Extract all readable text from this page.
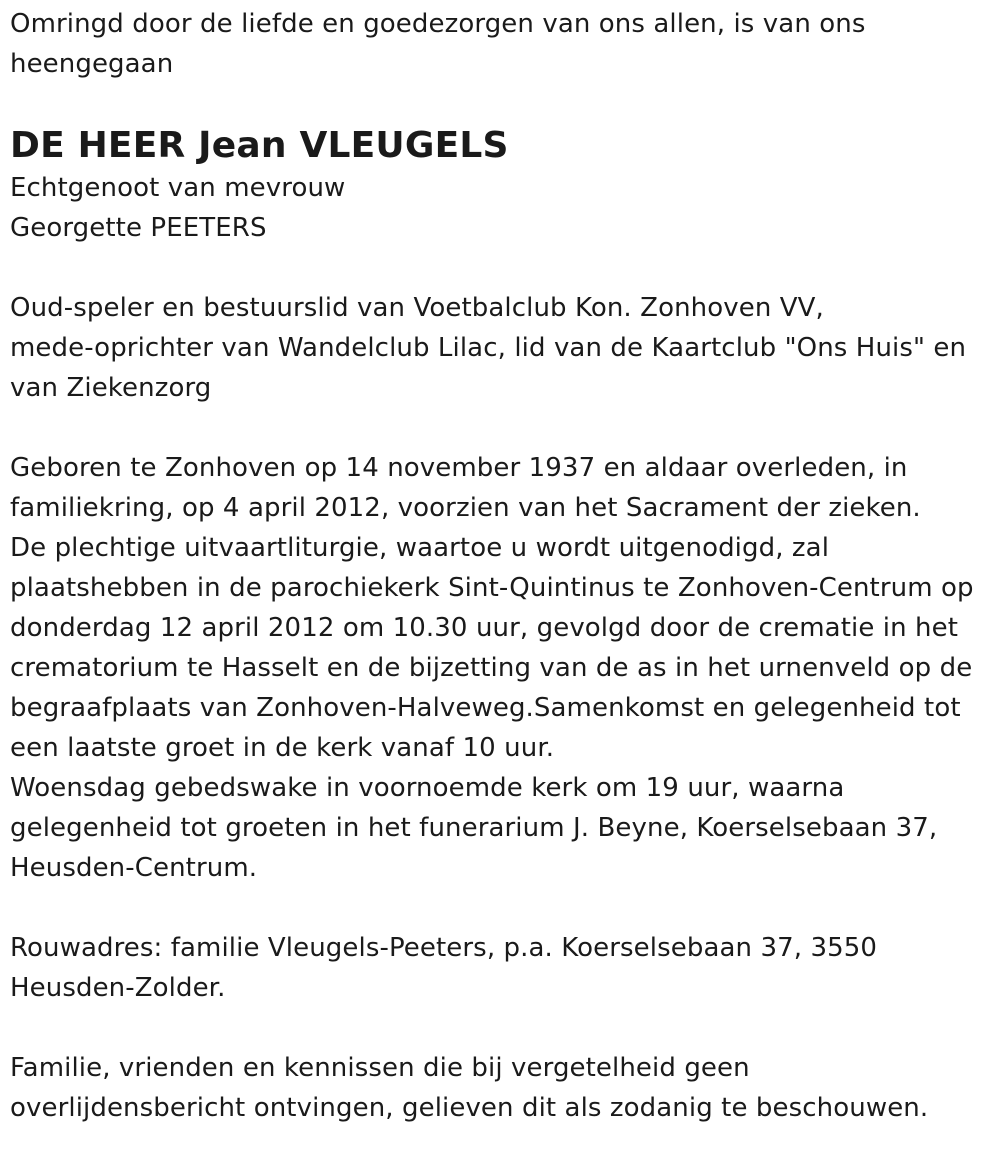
Omringd door de liefde en goedezorgen van ons allen, is van ons
heengegaan

DE HEER Jean VLEUGELS

Echtgenoot van mevrouw
Georgette PEETERS

Oud-speler en bestuurslid van Voetbalclub Kon. Zonhoven VV,
mede-oprichter van Wandelclub Lilac, lid van de Kaartclub "Ons Huis" en
van Ziekenzorg

Geboren te Zonhoven op 14 november 1937 en aldaar overleden, in
familiekring, op 4 april 2012, voorzien van het Sacrament der zieken.
De plechtige uitvaartliturgie, waartoe u wordt uitgenodigd, zal
plaatshebben in de parochiekerk Sint-Quintinus te Zonhoven-Centrum op
donderdag 12 april 2012 om 10.30 uur, gevolgd door de crematie in het
crematorium te Hasselt en de bijzetting van de as in het urnenveld op de
begraafplaats van Zonhoven-Halveweg.Samenkomst en gelegenheid tot
een laatste groet in de kerk vanaf 10 uur.
Woensdag gebedswake in voornoemde kerk om 19 uur, waarna
gelegenheid tot groeten in het funerarium J. Beyne, Koerselsebaan 37,
Heusden-Centrum.

Rouwadres: familie Vleugels-Peeters, p.a. Koerselsebaan 37, 3550
Heusden-Zolder.

Familie, vrienden en kennissen die bij vergetelheid geen
overlijdensbericht ontvingen, gelieven dit als zodanig te beschouwen.
